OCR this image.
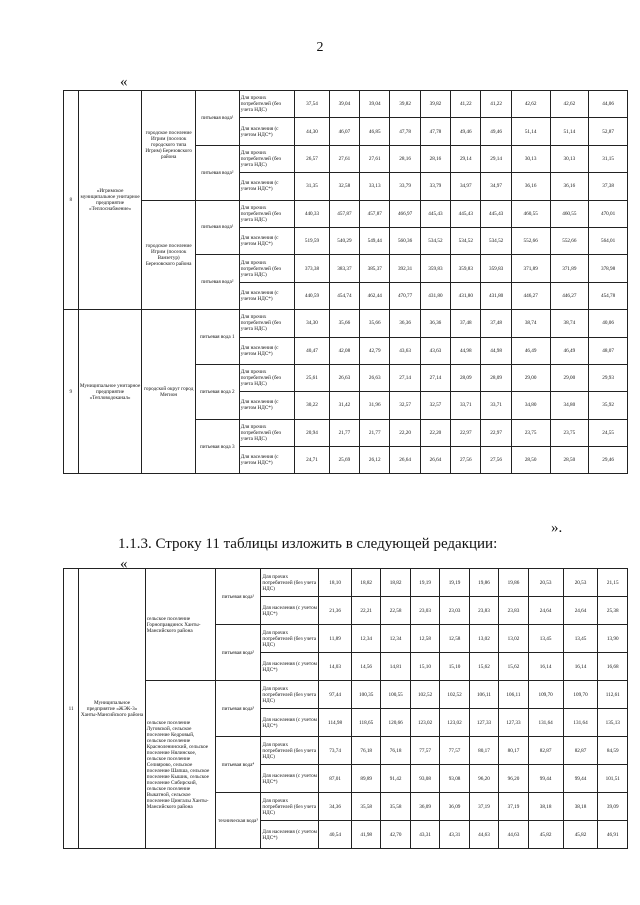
2
«
8	«Игримское муниципальное унитарное предприятие «Теплоснабжение»	городское поселение Игрим (поселок городского типа Игрим) Березовского района	питьевая вода¹	Для прочих потребителей (без учета НДС)	37,54	39,04	39,04	39,82	39,82	41,22	41,22	42,62	42,62	44,06
				Для населения (с учетом НДС*)	44,30	46,07	46,85	47,78	47,78	49,46	49,46	51,14	51,14	52,87
			питьевая вода²	Для прочих потребителей (без учета НДС)	26,57	27,61	27,61	28,16	28,16	29,14	29,14	30,13	30,13	31,15
				Для населения (с учетом НДС*)	31,35	32,58	33,13	33,79	33,79	34,97	34,97	36,16	36,16	37,38
		городское поселение Игрим (поселок Ванзетур) Березовского района	питьевая вода¹	Для прочих потребителей (без учета НДС)	440,33	457,87	457,87	466,97	445,43	445,43	445,43	460,55	460,55	470,01
				Для населения (с учетом НДС*)	519,59	540,29	549,44	560,36	534,52	534,52	534,52	552,66	552,66	564,01
			питьевая вода²	Для прочих потребителей (без учета НДС)	373,38	383,37	385,37	392,31	359,83	359,83	359,83	371,89	371,89	378,98
				Для населения (с учетом НДС*)	440,59	454,74	462,44	470,77	431,80	431,80	431,80	446,27	446,27	454,78
9	Муниципальное унитарное предприятие «Тепловодоканал»	городской округ город Мегион	питьевая вода 1	Для прочих потребителей (без учета НДС)	34,30	35,66	35,66	36,36	36,36	37,48	37,48	38,74	38,74	40,06
				Для населения (с учетом НДС*)	40,47	42,08	42,79	43,63	43,63	44,98	44,98	46,49	46,49	48,07
			питьевая вода 2	Для прочих потребителей (без учета НДС)	25,61	26,63	26,63	27,14	27,14	28,09	28,09	29,00	29,00	29,93
				Для населения (с учетом НДС*)	30,22	31,42	31,96	32,57	32,57	33,71	33,71	34,80	34,80	35,92
			питьевая вода 3	Для прочих потребителей (без учета НДС)	20,94	21,77	21,77	22,20	22,20	22,97	22,97	23,75	23,75	24,55
				Для населения (с учетом НДС*)	24,71	25,69	26,12	26,64	26,64	27,56	27,56	28,50	28,50	29,46
».
1.1.3. Строку 11 таблицы изложить в следующей редакции:
«
11	Муниципальное предприятие «ЖЭК-3» Ханты-Мансийского района	сельское поселение Горноправдинск Ханты-Мансийского района	питьевая вода¹	Для прочих потребителей (без учета НДС)	18,10	18,82	18,82	19,19	19,19	19,86	19,86	20,53	20,53	21,15
				Для населения (с учетом НДС*)	21,36	22,21	22,58	23,03	23,03	23,83	23,83	24,64	24,64	25,38
			питьевая вода²	Для прочих потребителей (без учета НДС)	11,89	12,34	12,34	12,58	12,58	13,02	13,02	13,45	13,45	13,90
				Для населения (с учетом НДС*)	14,03	14,56	14,81	15,10	15,10	15,62	15,62	16,14	16,14	16,68
		сельское поселение Луговской, сельское поселение Кедровый, сельское поселение Красноленинский, сельское поселение Нялинское, сельское поселение Селиярово, сельское поселение Шапша, сельское поселение Кышик, сельское поселение Сибирский, сельское поселение Выкатной, сельское поселение Цингалы Ханты-Мансийского района	питьевая вода³	Для прочих потребителей (без учета НДС)	97,44	100,35	100,55	102,52	102,52	106,11	106,11	109,70	109,70	112,61
				Для населения (с учетом НДС*)	114,98	118,65	120,66	123,02	123,02	127,33	127,33	131,64	131,64	135,13
			питьевая вода⁴	Для прочих потребителей (без учета НДС)	73,74	76,18	76,18	77,57	77,57	80,17	80,17	82,87	82,87	84,59
				Для населения (с учетом НДС*)	87,01	89,89	91,42	93,08	93,08	96,20	96,20	99,44	99,44	101,51
			техническая вода³	Для прочих потребителей (без учета НДС)	34,36	35,58	35,58	36,09	36,09	37,19	37,19	38,18	38,18	39,09
				Для населения (с учетом НДС*)	40,54	41,98	42,70	43,31	43,31	44,63	44,63	45,82	45,82	46,91
